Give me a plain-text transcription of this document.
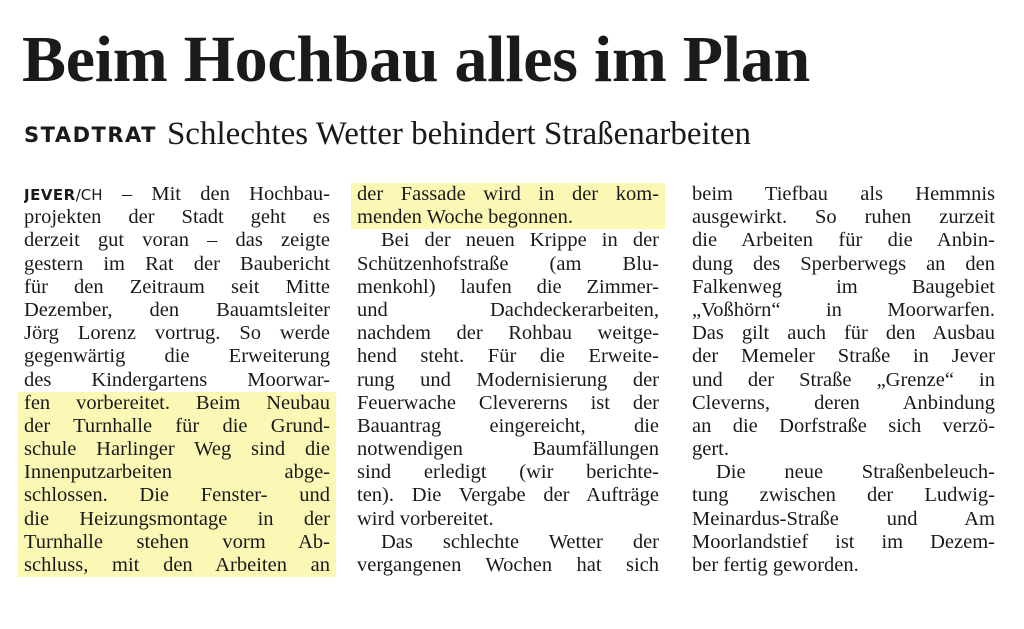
Beim Hochbau alles im Plan
STADTRAT Schlechtes Wetter behindert Straßenarbeiten
JEVER/CH – Mit den Hochbau-
projekten der Stadt geht es
derzeit gut voran – das zeigte
gestern im Rat der Baubericht
für den Zeitraum seit Mitte
Dezember, den Bauamtsleiter
Jörg Lorenz vortrug. So werde
gegenwärtig die Erweiterung
des Kindergartens Moorwar-
fen vorbereitet. Beim Neubau
der Turnhalle für die Grund-
schule Harlinger Weg sind die
Innenputzarbeiten abge-
schlossen. Die Fenster- und
die Heizungsmontage in der
Turnhalle stehen vorm Ab-
schluss, mit den Arbeiten an
der Fassade wird in der kom-
menden Woche begonnen.
Bei der neuen Krippe in der
Schützenhofstraße (am Blu-
menkohl) laufen die Zimmer-
und Dachdeckerarbeiten,
nachdem der Rohbau weitge-
hend steht. Für die Erweite-
rung und Modernisierung der
Feuerwache Clevererns ist der
Bauantrag eingereicht, die
notwendigen Baumfällungen
sind erledigt (wir berichte-
ten). Die Vergabe der Aufträge
wird vorbereitet.
Das schlechte Wetter der
vergangenen Wochen hat sich
beim Tiefbau als Hemmnis
ausgewirkt. So ruhen zurzeit
die Arbeiten für die Anbin-
dung des Sperberwegs an den
Falkenweg im Baugebiet
„Voßhörn“ in Moorwarfen.
Das gilt auch für den Ausbau
der Memeler Straße in Jever
und der Straße „Grenze“ in
Cleverns, deren Anbindung
an die Dorfstraße sich verzö-
gert.
Die neue Straßenbeleuch-
tung zwischen der Ludwig-
Meinardus-Straße und Am
Moorlandstief ist im Dezem-
ber fertig geworden.
